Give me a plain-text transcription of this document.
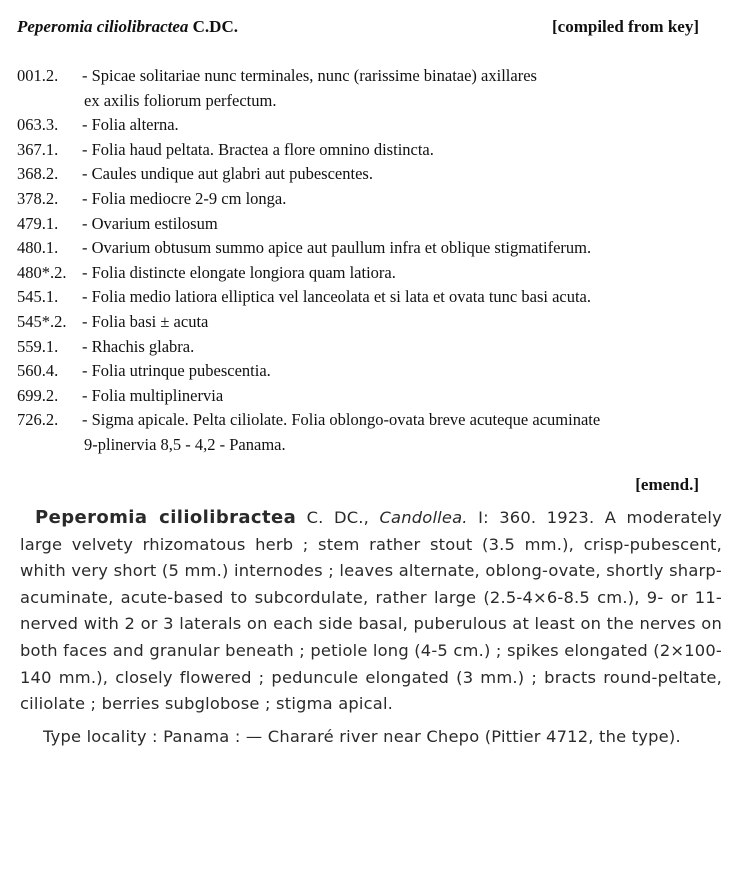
Peperomia ciliolibractea C.DC.	[compiled from key]
001.2. - Spicae solitariae nunc terminales, nunc (rarissime binatae) axillares
ex axilis foliorum perfectum.
063.3. - Folia alterna.
367.1. - Folia haud peltata. Bractea a flore omnino distincta.
368.2. - Caules undique aut glabri aut pubescentes.
378.2. - Folia mediocre 2-9 cm longa.
479.1. - Ovarium estilosum
480.1. - Ovarium obtusum summo apice aut paullum infra et oblique stigmatiferum.
480*.2. - Folia distincte elongate longiora quam latiora.
545.1. - Folia medio latiora elliptica vel lanceolata et si lata et ovata tunc basi acuta.
545*.2. - Folia basi ± acuta
559.1. - Rhachis glabra.
560.4. - Folia utrinque pubescentia.
699.2. - Folia multiplinervia
726.2. - Sigma apicale. Pelta ciliolate. Folia oblongo-ovata breve acuteque acuminate
9-plinervia 8,5 - 4,2 - Panama.
[emend.]

Peperomia ciliolibractea C. DC., Candollea. I: 360. 1923. A moderately large velvety rhizomatous herb ; stem rather stout (3.5 mm.), crisp-pubescent, whith very short (5 mm.) internodes ; leaves alternate, oblong-ovate, shortly sharp-acuminate, acute-based to subcordulate, rather large (2.5-4×6-8.5 cm.), 9- or 11-nerved with 2 or 3 laterals on each side basal, puberulous at least on the nerves on both faces and granular beneath ; petiole long (4-5 cm.) ; spikes elongated (2×100-140 mm.), closely flowered ; peduncule elongated (3 mm.) ; bracts round-peltate, ciliolate ; berries subglobose ; stigma apical.

Type locality : Panama : — Chararé river near Chepo (Pittier 4712, the type).
